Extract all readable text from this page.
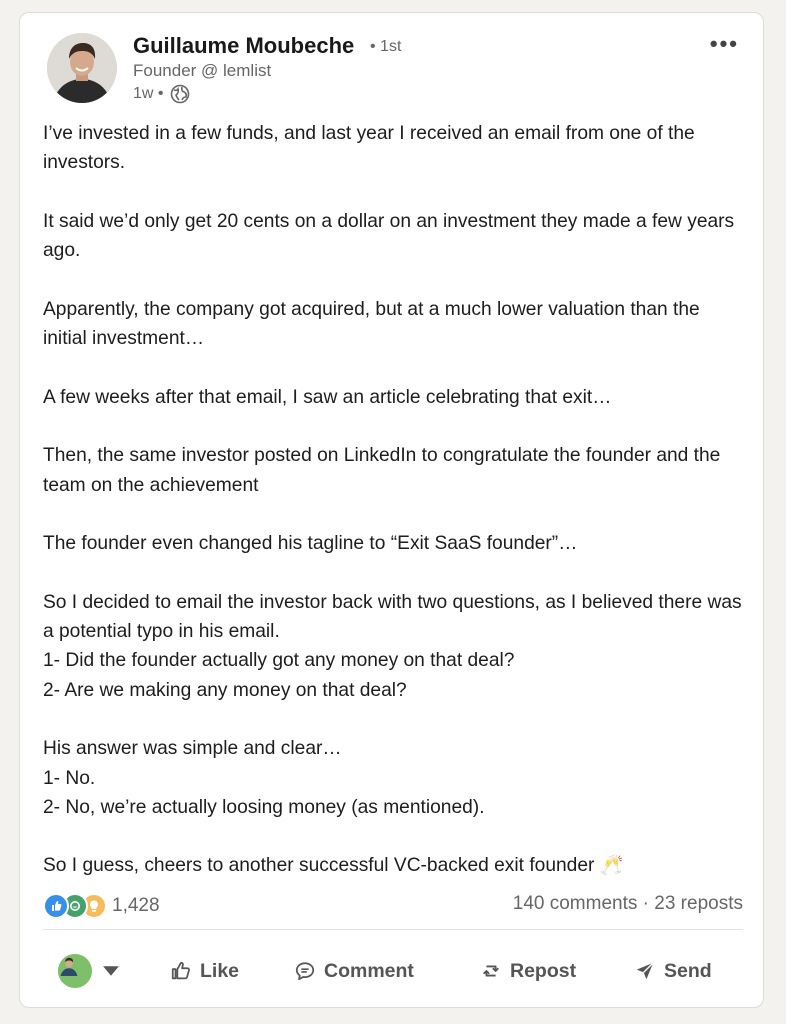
Guillaume Moubeche • 1st
Founder @ lemlist
1w •
•••

I’ve invested in a few funds, and last year I received an email from one of the investors.

It said we’d only get 20 cents on a dollar on an investment they made a few years ago.

Apparently, the company got acquired, but at a much lower valuation than the initial investment…

A few weeks after that email, I saw an article celebrating that exit…

Then, the same investor posted on LinkedIn to congratulate the founder and the team on the achievement

The founder even changed his tagline to “Exit SaaS founder”…

So I decided to email the investor back with two questions, as I believed there was a potential typo in his email.

1- Did the founder actually got any money on that deal?

2- Are we making any money on that deal?

His answer was simple and clear…

1- No.

2- No, we’re actually loosing money (as mentioned).

So I guess, cheers to another successful VC-backed exit founder 🥂

1,428	140 comments · 23 reposts
Like	Comment	Repost	Send
